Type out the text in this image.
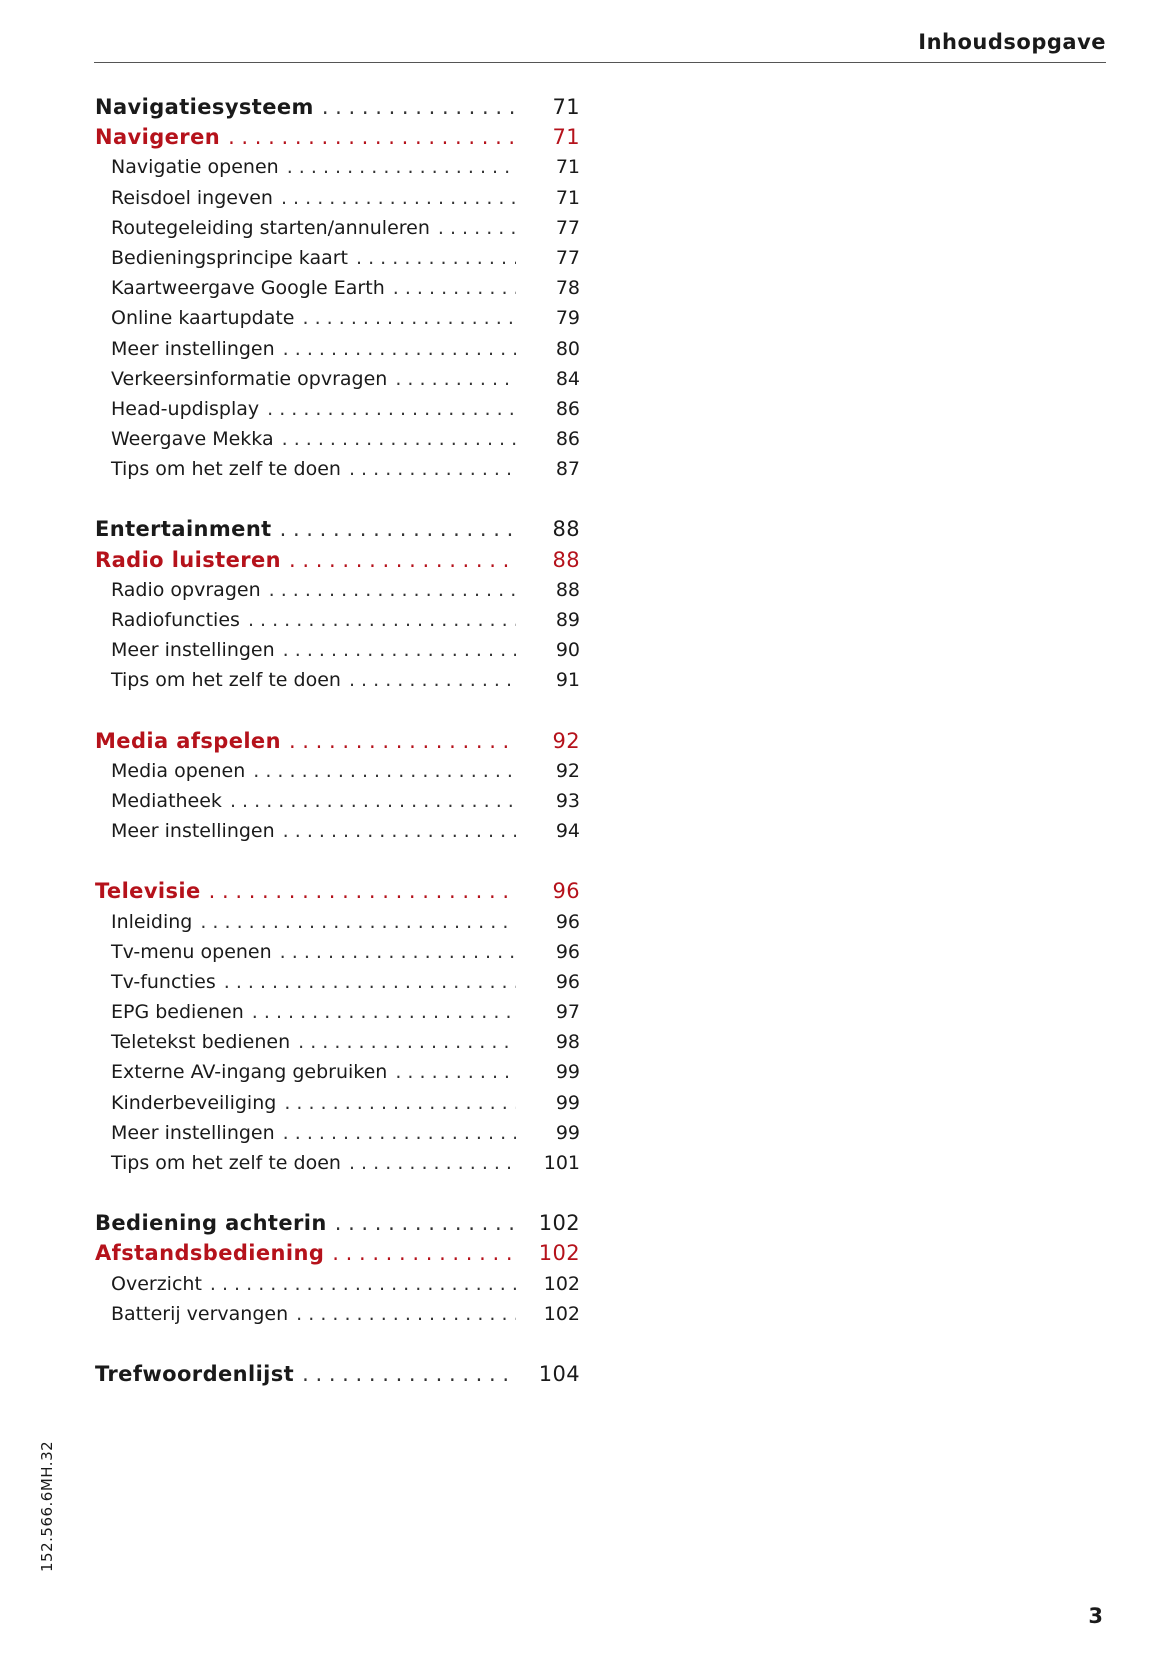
Inhoudsopgave
Navigatiesysteem . . .	71
Navigeren . . .	71
Navigatie openen . . .	71
Reisdoel ingeven . . .	71
Routegeleiding starten/annuleren . . .	77
Bedieningsprincipe kaart . . .	77
Kaartweergave Google Earth . . .	78
Online kaartupdate . . .	79
Meer instellingen . . .	80
Verkeersinformatie opvragen . . .	84
Head-updisplay . . .	86
Weergave Mekka . . .	86
Tips om het zelf te doen . . .	87
Entertainment . . .	88
Radio luisteren . . .	88
Radio opvragen . . .	88
Radiofuncties . . .	89
Meer instellingen . . .	90
Tips om het zelf te doen . . .	91
Media afspelen . . .	92
Media openen . . .	92
Mediatheek . . .	93
Meer instellingen . . .	94
Televisie . . .	96
Inleiding . . .	96
Tv-menu openen . . .	96
Tv-functies . . .	96
EPG bedienen . . .	97
Teletekst bedienen . . .	98
Externe AV-ingang gebruiken . . .	99
Kinderbeveiliging . . .	99
Meer instellingen . . .	99
Tips om het zelf te doen . . .	101
Bediening achterin . . .	102
Afstandsbediening . . .	102
Overzicht . . .	102
Batterij vervangen . . .	102
Trefwoordenlijst . . .	104
152.566.6MH.32
3
